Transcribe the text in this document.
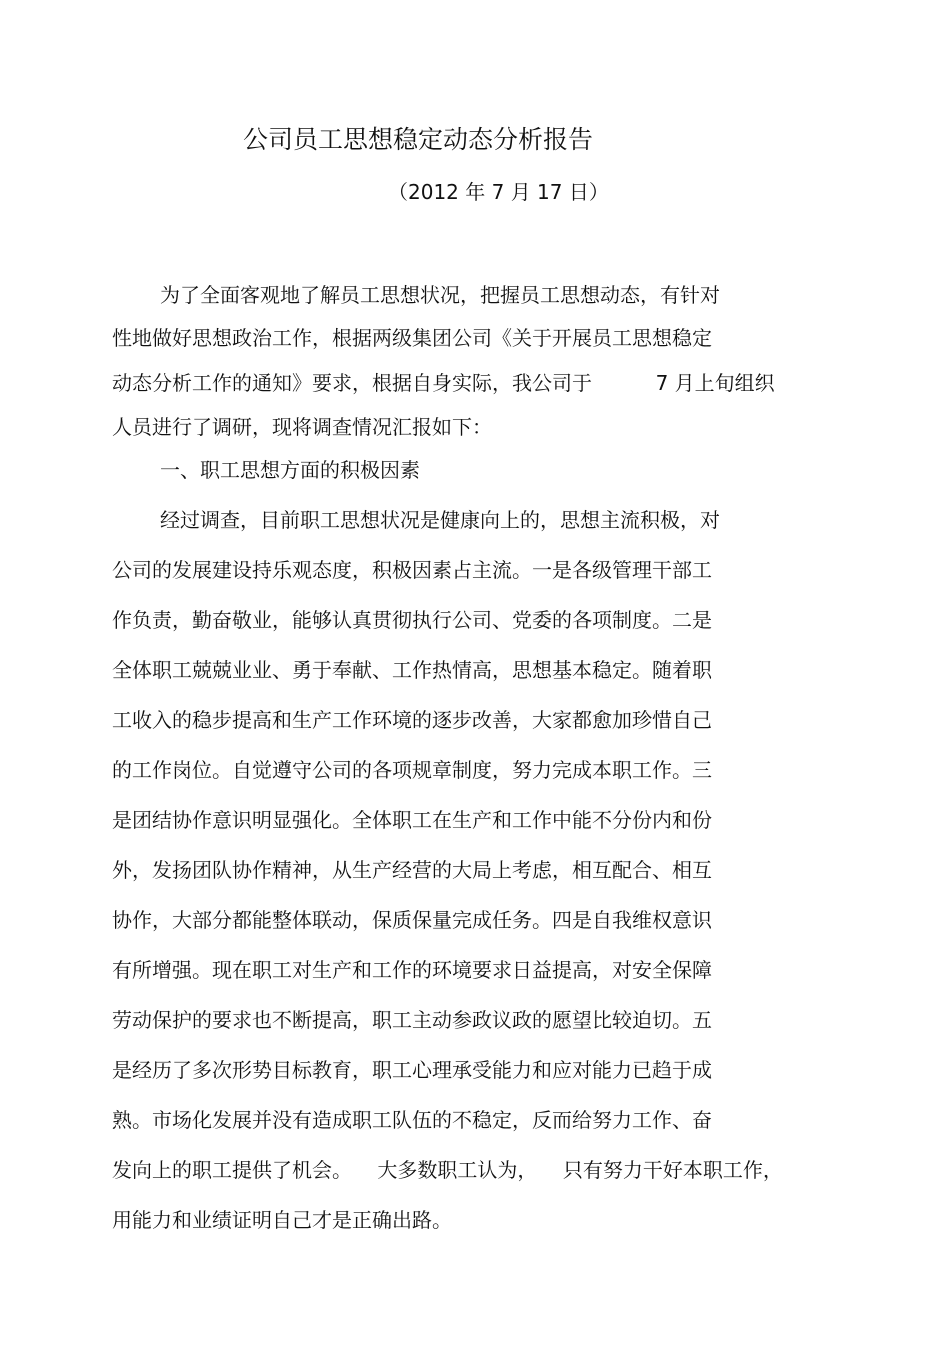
公司员工思想稳定动态分析报告
（2012 年 7 月 17 日）
为了全面客观地了解员工思想状况，把握员工思想动态，有针对
性地做好思想政治工作，根据两级集团公司《关于开展员工思想稳定
动态分析工作的通知》要求，根据自身实际，我公司于          7 月上旬组织
人员进行了调研，现将调查情况汇报如下：
一、职工思想方面的积极因素
经过调查，目前职工思想状况是健康向上的，思想主流积极，对
公司的发展建设持乐观态度，积极因素占主流。一是各级管理干部工
作负责，勤奋敬业，能够认真贯彻执行公司、党委的各项制度。二是
全体职工兢兢业业、勇于奉献、工作热情高，思想基本稳定。随着职
工收入的稳步提高和生产工作环境的逐步改善，大家都愈加珍惜自己
的工作岗位。自觉遵守公司的各项规章制度，努力完成本职工作。三
是团结协作意识明显强化。全体职工在生产和工作中能不分份内和份
外，发扬团队协作精神，从生产经营的大局上考虑，相互配合、相互
协作，大部分都能整体联动，保质保量完成任务。四是自我维权意识
有所增强。现在职工对生产和工作的环境要求日益提高，对安全保障
劳动保护的要求也不断提高，职工主动参政议政的愿望比较迫切。五
是经历了多次形势目标教育，职工心理承受能力和应对能力已趋于成
熟。市场化发展并没有造成职工队伍的不稳定，反而给努力工作、奋
发向上的职工提供了机会。    大多数职工认为，    只有努力干好本职工作，
用能力和业绩证明自己才是正确出路。
